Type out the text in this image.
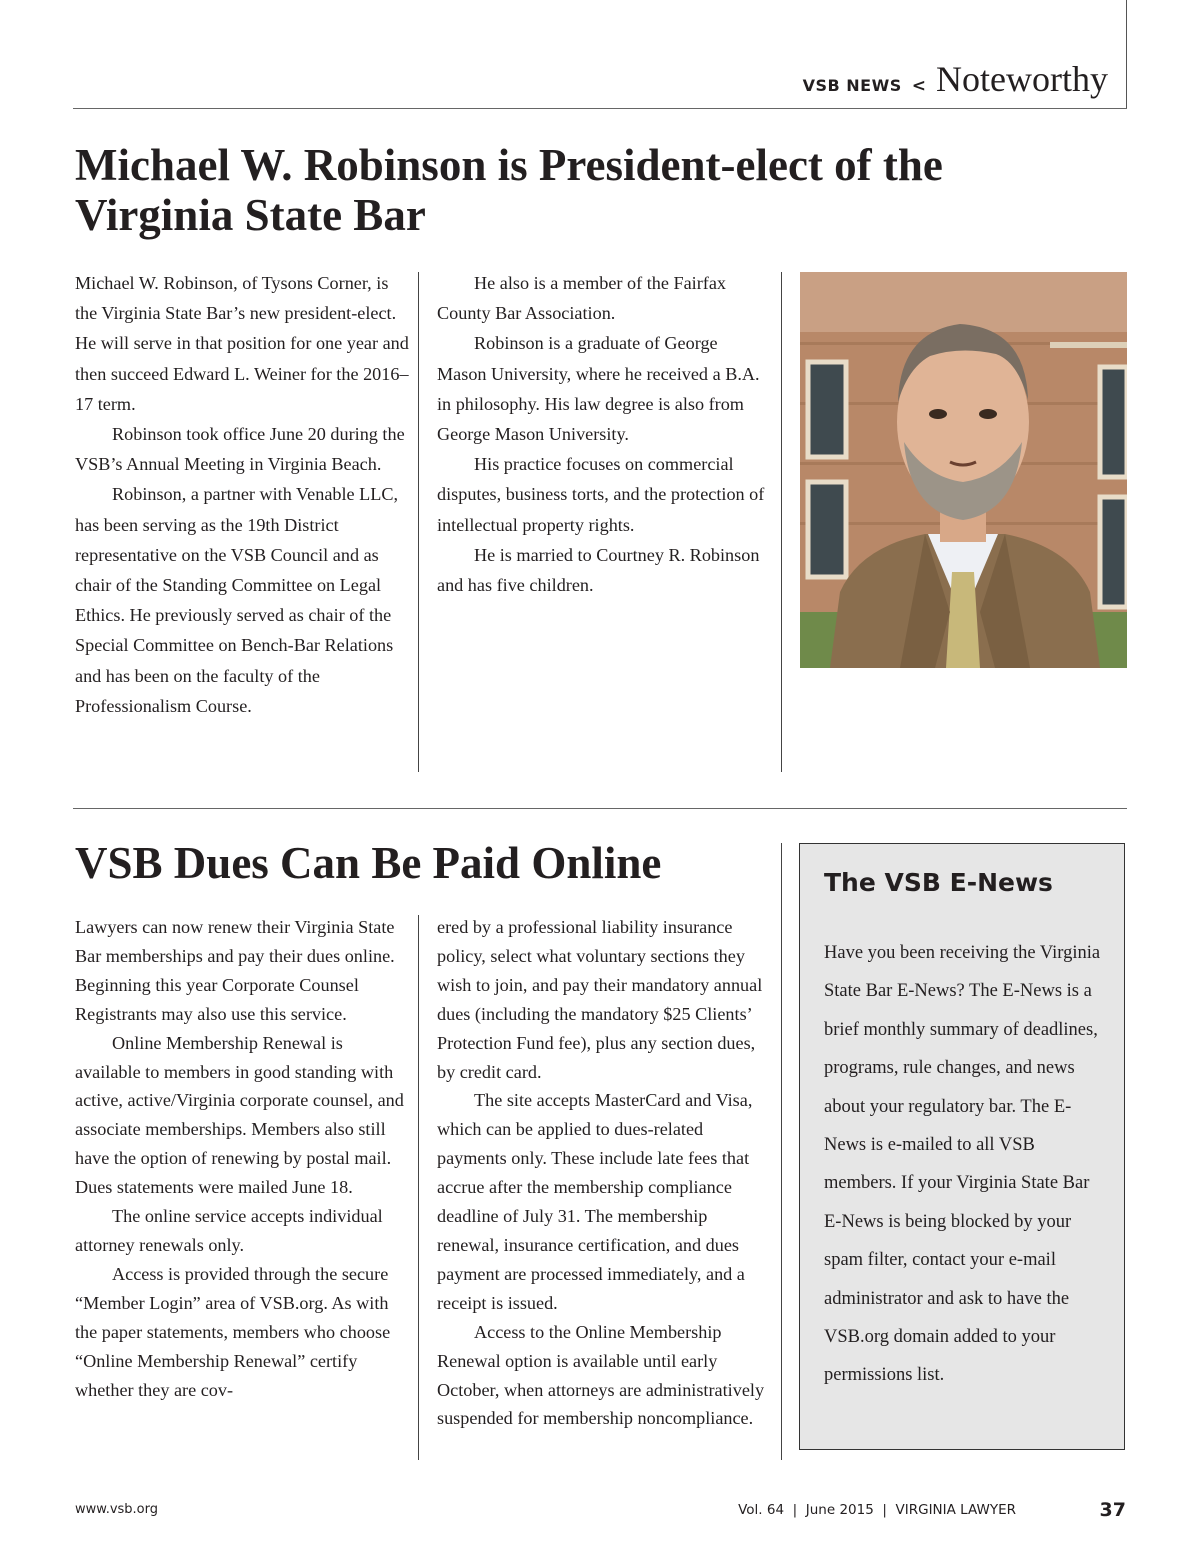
VSB NEWS < Noteworthy
Michael W. Robinson is President-elect of the Virginia State Bar

Michael W. Robinson, of Tysons Corner, is the Virginia State Bar’s new president-elect. He will serve in that position for one year and then succeed Edward L. Weiner for the 2016–17 term.

Robinson took office June 20 during the VSB’s Annual Meeting in Virginia Beach.

Robinson, a partner with Venable LLC, has been serving as the 19th District representative on the VSB Council and as chair of the Standing Committee on Legal Ethics. He previously served as chair of the Special Committee on Bench-Bar Relations and has been on the faculty of the Professionalism Course.

He also is a member of the Fairfax County Bar Association.

Robinson is a graduate of George Mason University, where he received a B.A. in philosophy. His law degree is also from George Mason University.

His practice focuses on commercial disputes, business torts, and the protection of intellectual property rights.

He is married to Courtney R. Robinson and has five children.

VSB Dues Can Be Paid Online

Lawyers can now renew their Virginia State Bar memberships and pay their dues online. Beginning this year Corporate Counsel Registrants may also use this service.

Online Membership Renewal is available to members in good standing with active, active/Virginia corporate counsel, and associate memberships. Members also still have the option of renewing by postal mail. Dues statements were mailed June 18.

The online service accepts individual attorney renewals only.

Access is provided through the secure “Member Login” area of VSB.org. As with the paper statements, members who choose “Online Membership Renewal” certify whether they are cov-

ered by a professional liability insurance policy, select what voluntary sections they wish to join, and pay their mandatory annual dues (including the mandatory $25 Clients’ Protection Fund fee), plus any section dues, by credit card.

The site accepts MasterCard and Visa, which can be applied to dues-related payments only. These include late fees that accrue after the membership compliance deadline of July 31. The membership renewal, insurance certification, and dues payment are processed immediately, and a receipt is issued.

Access to the Online Membership Renewal option is available until early October, when attorneys are administratively suspended for membership noncompliance.

The VSB E-News

Have you been receiving the Virginia State Bar E-News? The E-News is a brief monthly summary of deadlines, programs, rule changes, and news about your regulatory bar. The E-News is e-mailed to all VSB members. If your Virginia State Bar E-News is being blocked by your spam filter, contact your e-mail administrator and ask to have the VSB.org domain added to your permissions list.

www.vsb.org	Vol. 64  |  June 2015  |  VIRGINIA LAWYER	37
